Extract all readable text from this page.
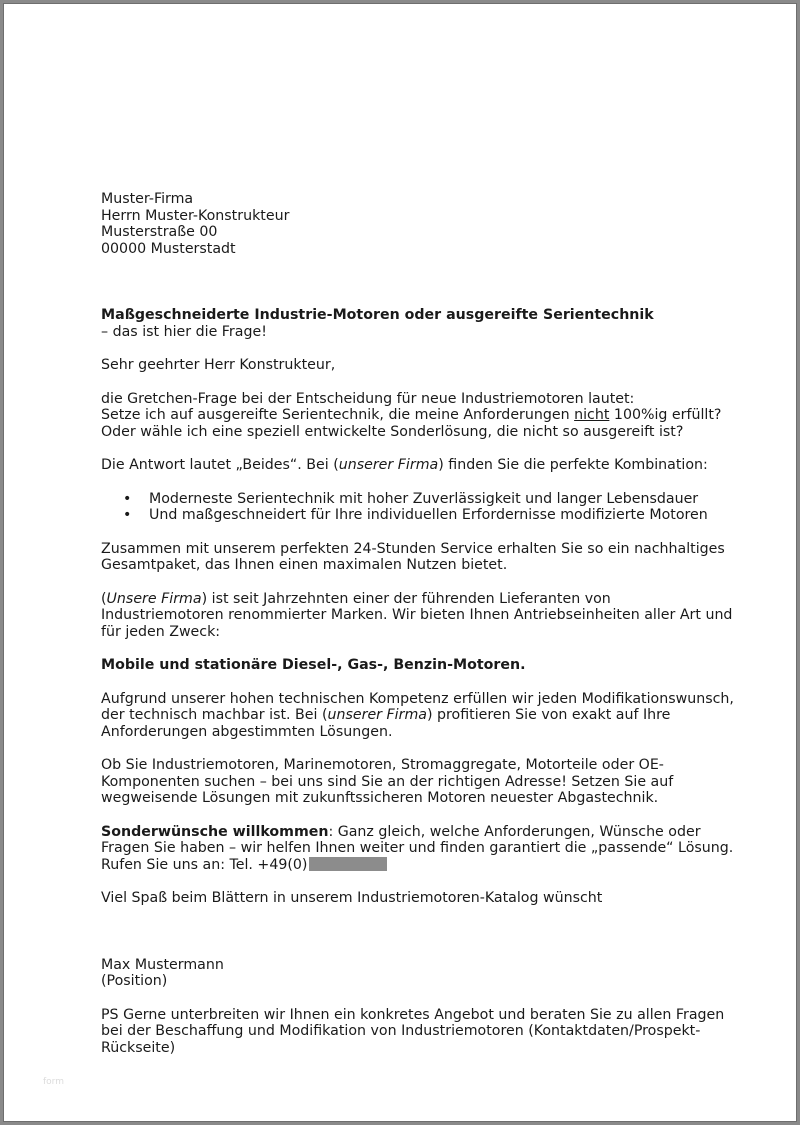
Muster-Firma

Herrn Muster-Konstrukteur

Musterstraße 00

00000 Musterstadt

Maßgeschneiderte Industrie-Motoren oder ausgereifte Serientechnik

– das ist hier die Frage!

Sehr geehrter Herr Konstrukteur,

die Gretchen-Frage bei der Entscheidung für neue Industriemotoren lautet:

Setze ich auf ausgereifte Serientechnik, die meine Anforderungen nicht 100%ig erfüllt?

Oder wähle ich eine speziell entwickelte Sonderlösung, die nicht so ausgereift ist?

Die Antwort lautet „Beides“. Bei (unserer Firma) finden Sie die perfekte Kombination:

• Moderneste Serientechnik mit hoher Zuverlässigkeit und langer Lebensdauer
• Und maßgeschneidert für Ihre individuellen Erfordernisse modifizierte Motoren

Zusammen mit unserem perfekten 24-Stunden Service erhalten Sie so ein nachhaltiges

Gesamtpaket, das Ihnen einen maximalen Nutzen bietet.

(Unsere Firma) ist seit Jahrzehnten einer der führenden Lieferanten von

Industriemotoren renommierter Marken. Wir bieten Ihnen Antriebseinheiten aller Art und

für jeden Zweck:

Mobile und stationäre Diesel-, Gas-, Benzin-Motoren.

Aufgrund unserer hohen technischen Kompetenz erfüllen wir jeden Modifikationswunsch,

der technisch machbar ist. Bei (unserer Firma) profitieren Sie von exakt auf Ihre

Anforderungen abgestimmten Lösungen.

Ob Sie Industriemotoren, Marinemotoren, Stromaggregate, Motorteile oder OE-

Komponenten suchen – bei uns sind Sie an der richtigen Adresse! Setzen Sie auf

wegweisende Lösungen mit zukunftssicheren Motoren neuester Abgastechnik.

Sonderwünsche willkommen: Ganz gleich, welche Anforderungen, Wünsche oder

Fragen Sie haben – wir helfen Ihnen weiter und finden garantiert die „passende“ Lösung.

Rufen Sie uns an: Tel. +49(0)

Viel Spaß beim Blättern in unserem Industriemotoren-Katalog wünscht

Max Mustermann

(Position)

PS Gerne unterbreiten wir Ihnen ein konkretes Angebot und beraten Sie zu allen Fragen

bei der Beschaffung und Modifikation von Industriemotoren (Kontaktdaten/Prospekt-

Rückseite)

form
